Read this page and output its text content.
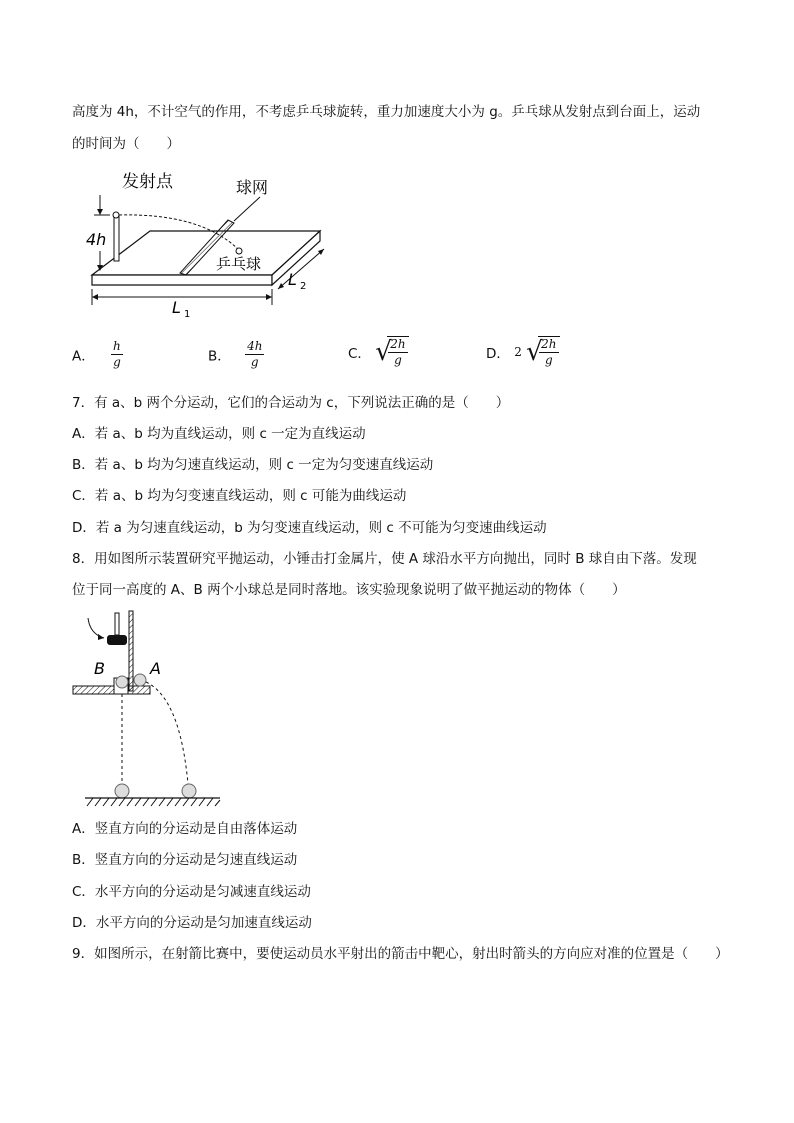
高度为 4h，不计空气的作用，不考虑乒乓球旋转，重力加速度大小为 g。乒乓球从发射点到台面上，运动
的时间为（　　）
发射点	球网
乒乓球
4h
L 1
L 2
A． $\frac{h}{g}$	B． $\frac{4h}{g}$	C． √
$\frac{2h}{g}$	D． 2 √
$\frac{2h}{g}$
7．有 a、b 两个分运动，它们的合运动为 c，下列说法正确的是（　　）
A．若 a、b 均为直线运动，则 c 一定为直线运动
B．若 a、b 均为匀速直线运动，则 c 一定为匀变速直线运动
C．若 a、b 均为匀变速直线运动，则 c 可能为曲线运动
D．若 a 为匀速直线运动，b 为匀变速直线运动，则 c 不可能为匀变速曲线运动
8．用如图所示装置研究平抛运动，小锤击打金属片，使 A 球沿水平方向抛出，同时 B 球自由下落。发现
位于同一高度的 A、B 两个小球总是同时落地。该实验现象说明了做平抛运动的物体（　　）
B	A
A．竖直方向的分运动是自由落体运动
B．竖直方向的分运动是匀速直线运动
C．水平方向的分运动是匀减速直线运动
D．水平方向的分运动是匀加速直线运动
9．如图所示，在射箭比赛中，要使运动员水平射出的箭击中靶心，射出时箭头的方向应对准的位置是（　　）
